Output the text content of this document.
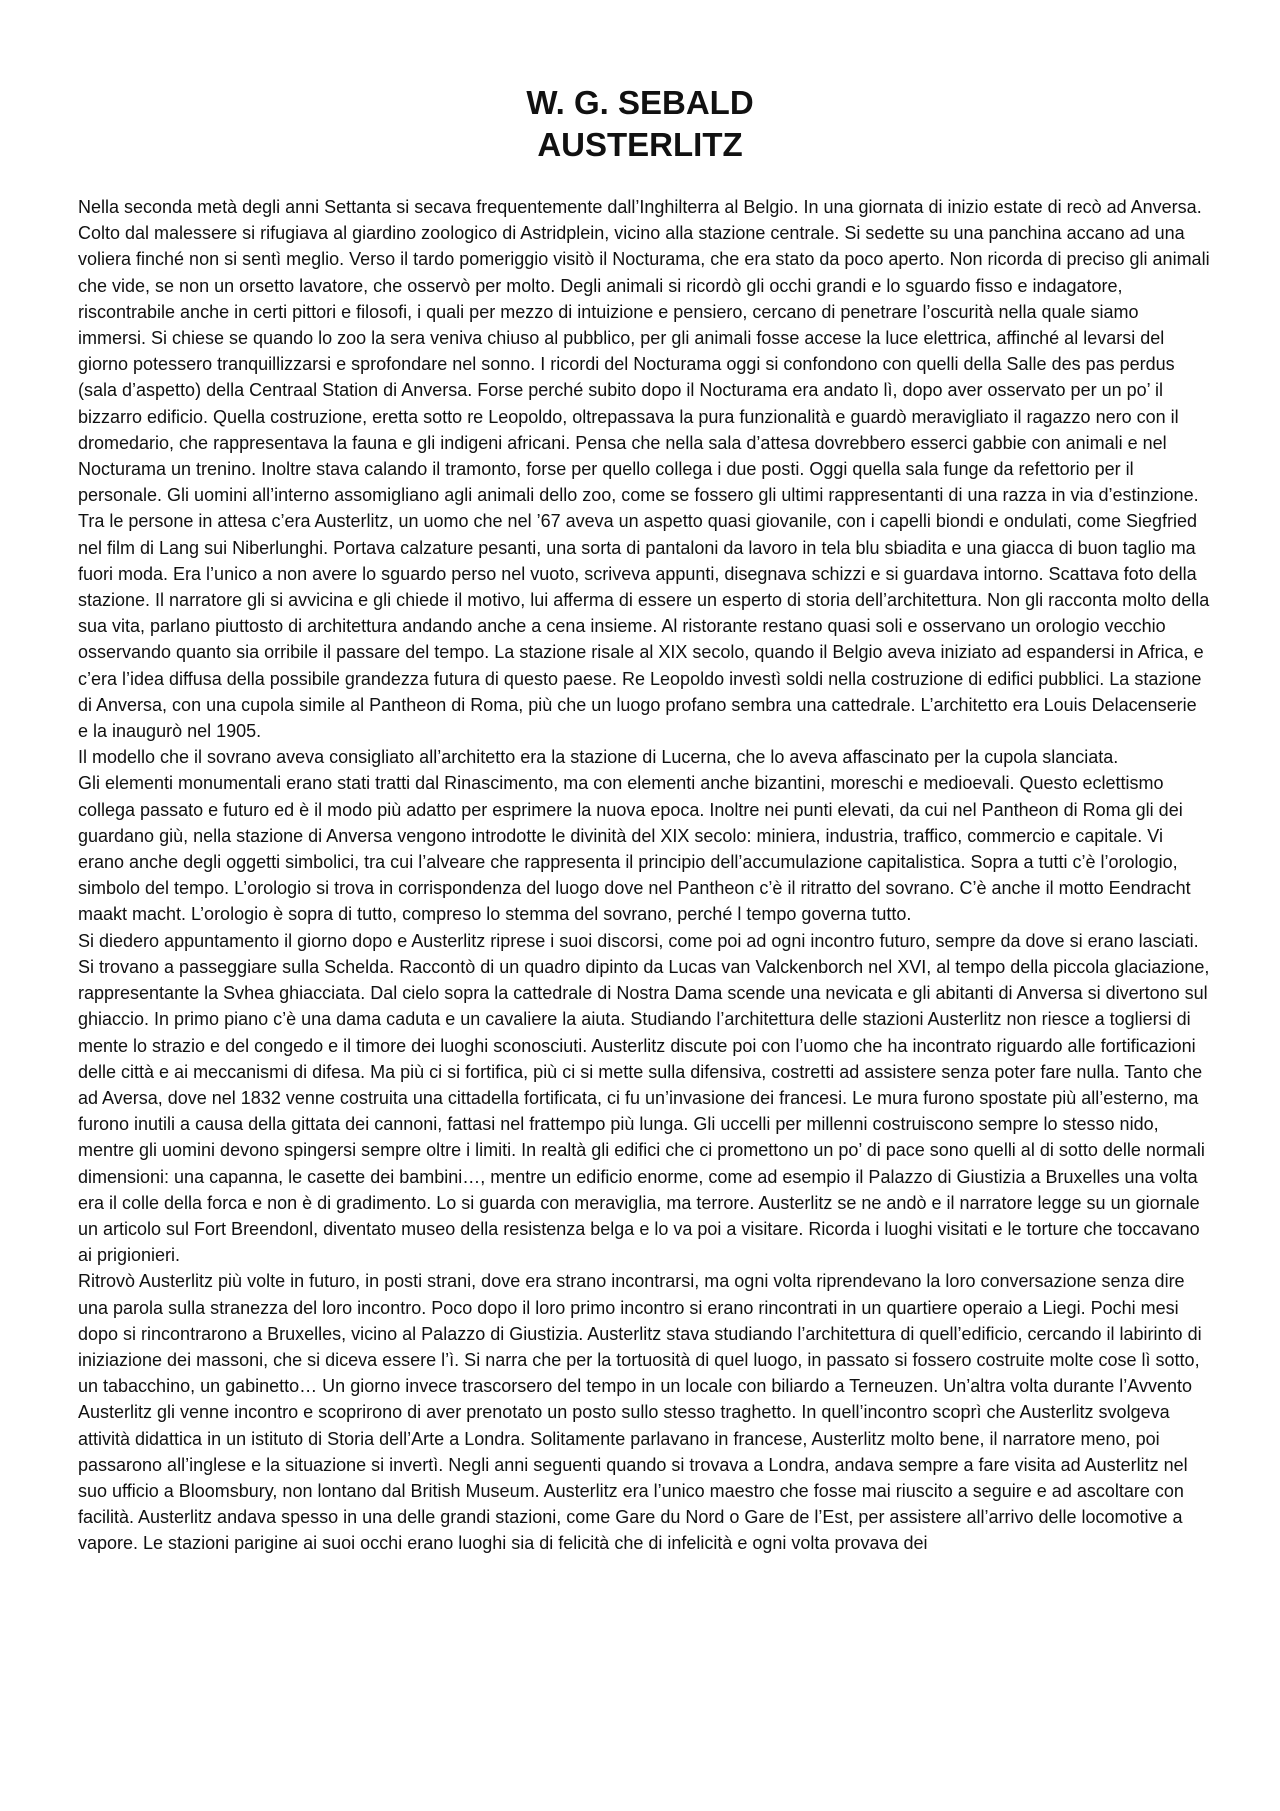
W. G. SEBALD
AUSTERLITZ

Nella seconda metà degli anni Settanta si secava frequentemente dall’Inghilterra al Belgio. In una giornata di inizio estate di recò ad Anversa. Colto dal malessere si rifugiava al giardino zoologico di Astridplein, vicino alla stazione centrale. Si sedette su una panchina accano ad una voliera finché non si sentì meglio. Verso il tardo pomeriggio visitò il Nocturama, che era stato da poco aperto. Non ricorda di preciso gli animali che vide, se non un orsetto lavatore, che osservò per molto. Degli animali si ricordò gli occhi grandi e lo sguardo fisso e indagatore, riscontrabile anche in certi pittori e filosofi, i quali per mezzo di intuizione e pensiero, cercano di penetrare l’oscurità nella quale siamo immersi. Si chiese se quando lo zoo la sera veniva chiuso al pubblico, per gli animali fosse accese la luce elettrica, affinché al levarsi del giorno potessero tranquillizzarsi e sprofondare nel sonno. I ricordi del Nocturama oggi si confondono con quelli della Salle des pas perdus (sala d’aspetto) della Centraal Station di Anversa. Forse perché subito dopo il Nocturama era andato lì, dopo aver osservato per un po’ il bizzarro edificio. Quella costruzione, eretta sotto re Leopoldo, oltrepassava la pura funzionalità e guardò meravigliato il ragazzo nero con il dromedario, che rappresentava la fauna e gli indigeni africani. Pensa che nella sala d’attesa dovrebbero esserci gabbie con animali e nel Nocturama un trenino. Inoltre stava calando il tramonto, forse per quello collega i due posti. Oggi quella sala funge da refettorio per il personale. Gli uomini all’interno assomigliano agli animali dello zoo, come se fossero gli ultimi rappresentanti di una razza in via d’estinzione. Tra le persone in attesa c’era Austerlitz, un uomo che nel ’67 aveva un aspetto quasi giovanile, con i capelli biondi e ondulati, come Siegfried nel film di Lang sui Niberlunghi. Portava calzature pesanti, una sorta di pantaloni da lavoro in tela blu sbiadita e una giacca di buon taglio ma fuori moda. Era l’unico a non avere lo sguardo perso nel vuoto, scriveva appunti, disegnava schizzi e si guardava intorno. Scattava foto della stazione. Il narratore gli si avvicina e gli chiede il motivo, lui afferma di essere un esperto di storia dell’architettura. Non gli racconta molto della sua vita, parlano piuttosto di architettura andando anche a cena insieme. Al ristorante restano quasi soli e osservano un orologio vecchio osservando quanto sia orribile il passare del tempo. La stazione risale al XIX secolo, quando il Belgio aveva iniziato ad espandersi in Africa, e c’era l’idea diffusa della possibile grandezza futura di questo paese. Re Leopoldo investì soldi nella costruzione di edifici pubblici. La stazione di Anversa, con una cupola simile al Pantheon di Roma, più che un luogo profano sembra una cattedrale. L’architetto era Louis Delacenserie e la inaugurò nel 1905.

Il modello che il sovrano aveva consigliato all’architetto era la stazione di Lucerna, che lo aveva affascinato per la cupola slanciata.

Gli elementi monumentali erano stati tratti dal Rinascimento, ma con elementi anche bizantini, moreschi e medioevali. Questo eclettismo collega passato e futuro ed è il modo più adatto per esprimere la nuova epoca. Inoltre nei punti elevati, da cui nel Pantheon di Roma gli dei guardano giù, nella stazione di Anversa vengono introdotte le divinità del XIX secolo: miniera, industria, traffico, commercio e capitale. Vi erano anche degli oggetti simbolici, tra cui l’alveare che rappresenta il principio dell’accumulazione capitalistica. Sopra a tutti c’è l’orologio, simbolo del tempo. L’orologio si trova in corrispondenza del luogo dove nel Pantheon c’è il ritratto del sovrano. C’è anche il motto Eendracht maakt macht. L’orologio è sopra di tutto, compreso lo stemma del sovrano, perché l tempo governa tutto.

Si diedero appuntamento il giorno dopo e Austerlitz riprese i suoi discorsi, come poi ad ogni incontro futuro, sempre da dove si erano lasciati. Si trovano a passeggiare sulla Schelda. Raccontò di un quadro dipinto da Lucas van Valckenborch nel XVI, al tempo della piccola glaciazione, rappresentante la Svhea ghiacciata. Dal cielo sopra la cattedrale di Nostra Dama scende una nevicata e gli abitanti di Anversa si divertono sul ghiaccio. In primo piano c’è una dama caduta e un cavaliere la aiuta. Studiando l’architettura delle stazioni Austerlitz non riesce a togliersi di mente lo strazio e del congedo e il timore dei luoghi sconosciuti. Austerlitz discute poi con l’uomo che ha incontrato riguardo alle fortificazioni delle città e ai meccanismi di difesa. Ma più ci si fortifica, più ci si mette sulla difensiva, costretti ad assistere senza poter fare nulla. Tanto che ad Aversa, dove nel 1832 venne costruita una cittadella fortificata, ci fu un’invasione dei francesi. Le mura furono spostate più all’esterno, ma furono inutili a causa della gittata dei cannoni, fattasi nel frattempo più lunga. Gli uccelli per millenni costruiscono sempre lo stesso nido, mentre gli uomini devono spingersi sempre oltre i limiti. In realtà gli edifici che ci promettono un po’ di pace sono quelli al di sotto delle normali dimensioni: una capanna, le casette dei bambini…, mentre un edificio enorme, come ad esempio il Palazzo di Giustizia a Bruxelles una volta era il colle della forca e non è di gradimento. Lo si guarda con meraviglia, ma terrore. Austerlitz se ne andò e il narratore legge su un giornale un articolo sul Fort Breendonl, diventato museo della resistenza belga e lo va poi a visitare. Ricorda i luoghi visitati e le torture che toccavano ai prigionieri.

Ritrovò Austerlitz più volte in futuro, in posti strani, dove era strano incontrarsi, ma ogni volta riprendevano la loro conversazione senza dire una parola sulla stranezza del loro incontro. Poco dopo il loro primo incontro si erano rincontrati in un quartiere operaio a Liegi. Pochi mesi dopo si rincontrarono a Bruxelles, vicino al Palazzo di Giustizia. Austerlitz stava studiando l’architettura di quell’edificio, cercando il labirinto di iniziazione dei massoni, che si diceva essere l’ì. Si narra che per la tortuosità di quel luogo, in passato si fossero costruite molte cose lì sotto, un tabacchino, un gabinetto… Un giorno invece trascorsero del tempo in un locale con biliardo a Terneuzen. Un’altra volta durante l’Avvento Austerlitz gli venne incontro e scoprirono di aver prenotato un posto sullo stesso traghetto. In quell’incontro scoprì che Austerlitz svolgeva attività didattica in un istituto di Storia dell’Arte a Londra. Solitamente parlavano in francese, Austerlitz molto bene, il narratore meno, poi passarono all’inglese e la situazione si invertì. Negli anni seguenti quando si trovava a Londra, andava sempre a fare visita ad Austerlitz nel suo ufficio a Bloomsbury, non lontano dal British Museum. Austerlitz era l’unico maestro che fosse mai riuscito a seguire e ad ascoltare con facilità. Austerlitz andava spesso in una delle grandi stazioni, come Gare du Nord o Gare de l’Est, per assistere all’arrivo delle locomotive a vapore. Le stazioni parigine ai suoi occhi erano luoghi sia di felicità che di infelicità e ogni volta provava dei
